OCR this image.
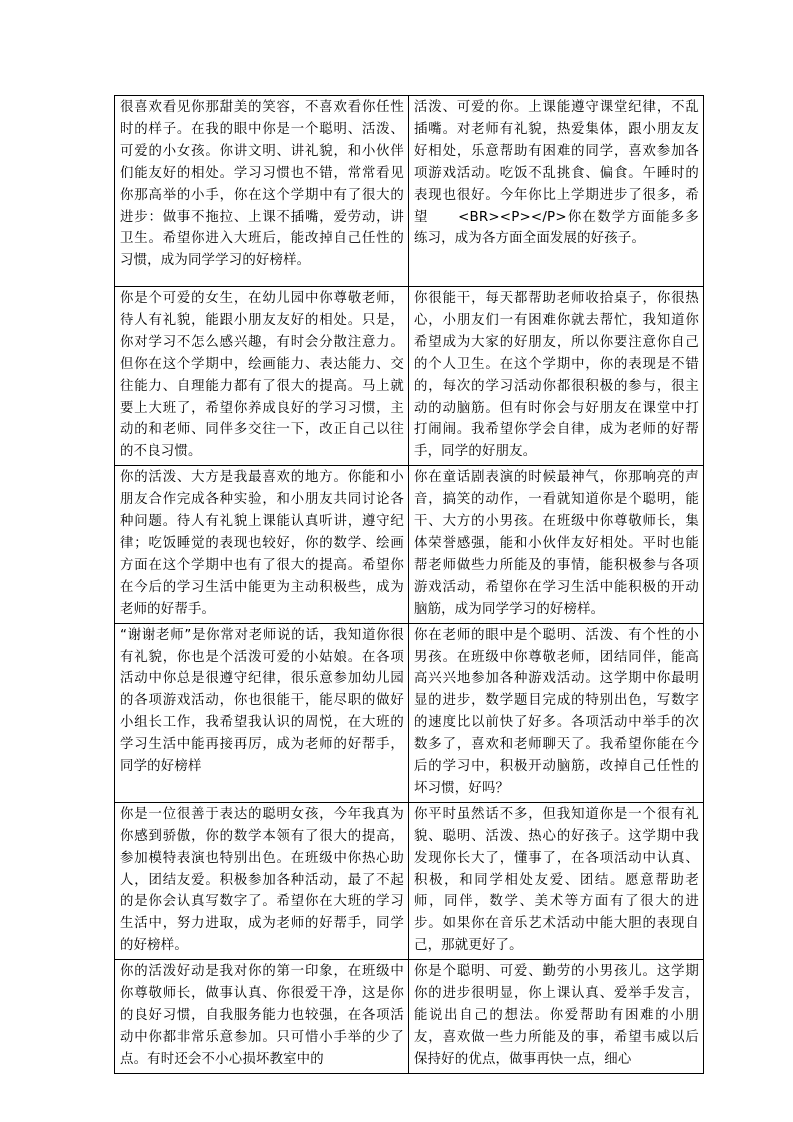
很喜欢看见你那甜美的笑容，不喜欢看你任性时的样子。在我的眼中你是一个聪明、活泼、可爱的小女孩。你讲文明、讲礼貌，和小伙伴们能友好的相处。学习习惯也不错，常常看见你那高举的小手，你在这个学期中有了很大的进步：做事不拖拉、上课不插嘴，爱劳动，讲卫生。希望你进入大班后，能改掉自己任性的习惯，成为同学学习的好榜样。	活泼、可爱的你。上课能遵守课堂纪律，不乱插嘴。对老师有礼貌，热爱集体，跟小朋友友好相处，乐意帮助有困难的同学，喜欢参加各项游戏活动。吃饭不乱挑食、偏食。午睡时的表现也很好。今年你比上学期进步了很多，希望　　<BR><P></P>你在数学方面能多多练习，成为各方面全面发展的好孩子。

你是个可爱的女生，在幼儿园中你尊敬老师，待人有礼貌，能跟小朋友友好的相处。只是，你对学习不怎么感兴趣，有时会分散注意力。但你在这个学期中，绘画能力、表达能力、交往能力、自理能力都有了很大的提高。马上就要上大班了，希望你养成良好的学习习惯，主动的和老师、同伴多交往一下，改正自己以往的不良习惯。	你很能干，每天都帮助老师收拾桌子，你很热心，小朋友们一有困难你就去帮忙，我知道你希望成为大家的好朋友，所以你要注意你自己的个人卫生。在这个学期中，你的表现是不错的，每次的学习活动你都很积极的参与，很主动的动脑筋。但有时你会与好朋友在课堂中打打闹闹。我希望你学会自律，成为老师的好帮手，同学的好朋友。

你的活泼、大方是我最喜欢的地方。你能和小朋友合作完成各种实验，和小朋友共同讨论各种问题。待人有礼貌上课能认真听讲，遵守纪律；吃饭睡觉的表现也较好，你的数学、绘画方面在这个学期中也有了很大的提高。希望你在今后的学习生活中能更为主动积极些，成为老师的好帮手。	你在童话剧表演的时候最神气，你那响亮的声音，搞笑的动作，一看就知道你是个聪明，能干、大方的小男孩。在班级中你尊敬师长，集体荣誉感强，能和小伙伴友好相处。平时也能帮老师做些力所能及的事情，能积极参与各项游戏活动，希望你在学习生活中能积极的开动脑筋，成为同学学习的好榜样。

“谢谢老师”是你常对老师说的话，我知道你很有礼貌，你也是个活泼可爱的小姑娘。在各项活动中你总是很遵守纪律，很乐意参加幼儿园的各项游戏活动，你也很能干，能尽职的做好小组长工作，我希望我认识的周悦，在大班的学习生活中能再接再厉，成为老师的好帮手，同学的好榜样	你在老师的眼中是个聪明、活泼、有个性的小男孩。在班级中你尊敬老师，团结同伴，能高高兴兴地参加各种游戏活动。这学期中你最明显的进步，数学题目完成的特别出色，写数字的速度比以前快了好多。各项活动中举手的次数多了，喜欢和老师聊天了。我希望你能在今后的学习中，积极开动脑筋，改掉自己任性的坏习惯，好吗？

你是一位很善于表达的聪明女孩，今年我真为你感到骄傲，你的数学本领有了很大的提高，参加模特表演也特别出色。在班级中你热心助人，团结友爱。积极参加各种活动，最了不起的是你会认真写数字了。希望你在大班的学习生活中，努力进取，成为老师的好帮手，同学的好榜样。	你平时虽然话不多，但我知道你是一个很有礼貌、聪明、活泼、热心的好孩子。这学期中我发现你长大了，懂事了，在各项活动中认真、积极，和同学相处友爱、团结。愿意帮助老师，同伴，数学、美术等方面有了很大的进步。如果你在音乐艺术活动中能大胆的表现自己，那就更好了。

你的活泼好动是我对你的第一印象，在班级中你尊敬师长，做事认真、你很爱干净，这是你的良好习惯，自我服务能力也较强，在各项活动中你都非常乐意参加。只可惜小手举的少了点。有时还会不小心损坏教室中的	你是个聪明、可爱、勤劳的小男孩儿。这学期你的进步很明显，你上课认真、爱举手发言，能说出自己的想法。你爱帮助有困难的小朋友，喜欢做一些力所能及的事，希望韦威以后保持好的优点，做事再快一点，细心
